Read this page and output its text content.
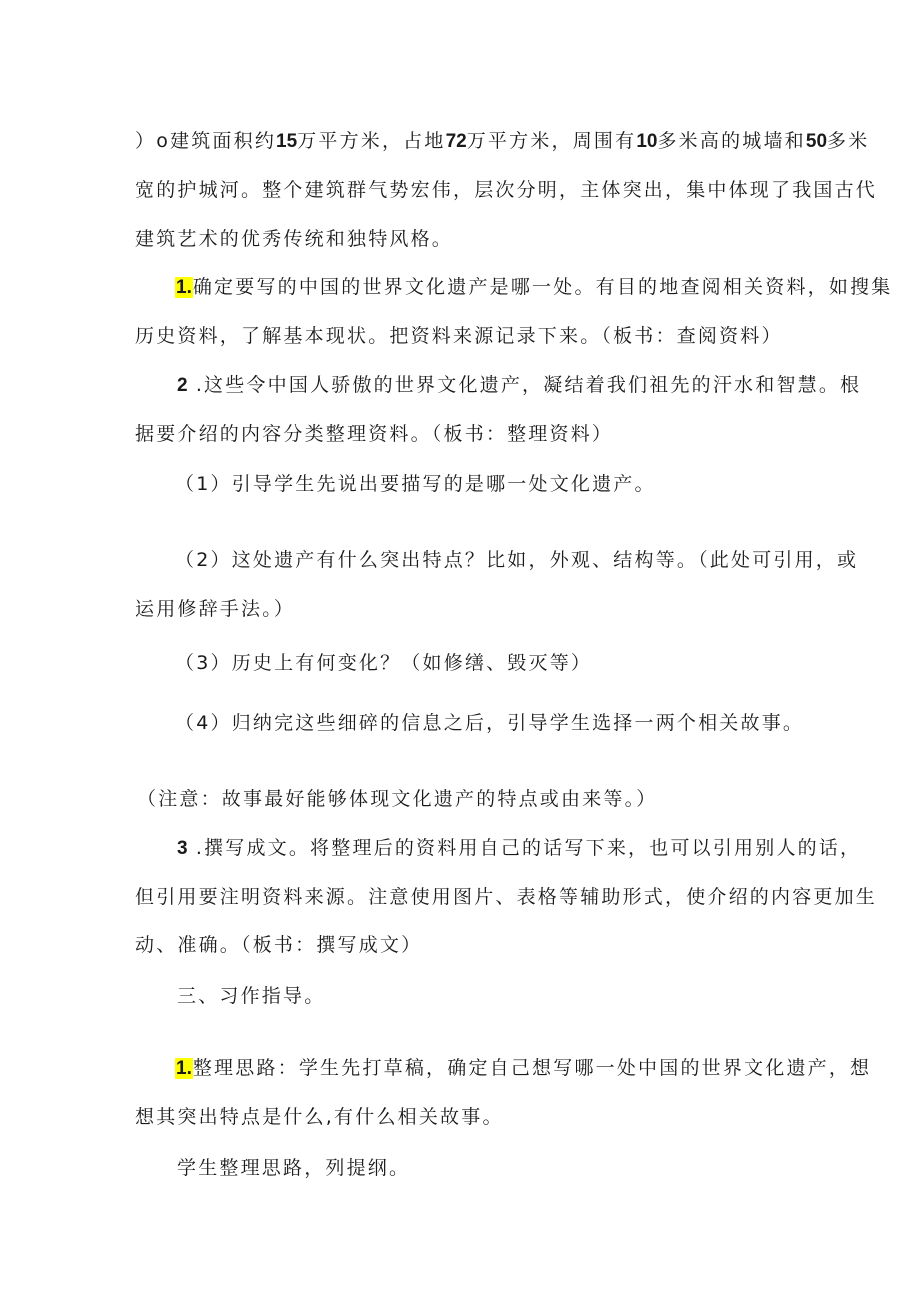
）o建筑面积约15万平方米，占地72万平方米，周围有10多米高的城墙和50多米
宽的护城河。整个建筑群气势宏伟，层次分明，主体突出，集中体现了我国古代
建筑艺术的优秀传统和独特风格。
1.确定要写的中国的世界文化遗产是哪一处。有目的地查阅相关资料，如搜集
历史资料，了解基本现状。把资料来源记录下来。（板书：查阅资料）
2 .这些令中国人骄傲的世界文化遗产，凝结着我们祖先的汗水和智慧。根
据要介绍的内容分类整理资料。（板书：整理资料）
（1）引导学生先说出要描写的是哪一处文化遗产。
（2）这处遗产有什么突出特点？比如，外观、结构等。（此处可引用，或
运用修辞手法。）
（3）历史上有何变化？（如修缮、毁灭等）
（4）归纳完这些细碎的信息之后，引导学生选择一两个相关故事。
（注意：故事最好能够体现文化遗产的特点或由来等。）
3 .撰写成文。将整理后的资料用自己的话写下来，也可以引用别人的话，
但引用要注明资料来源。注意使用图片、表格等辅助形式，使介绍的内容更加生
动、准确。（板书：撰写成文）
三、习作指导。
1.整理思路：学生先打草稿，确定自己想写哪一处中国的世界文化遗产，想
想其突出特点是什么,有什么相关故事。
学生整理思路，列提纲。
